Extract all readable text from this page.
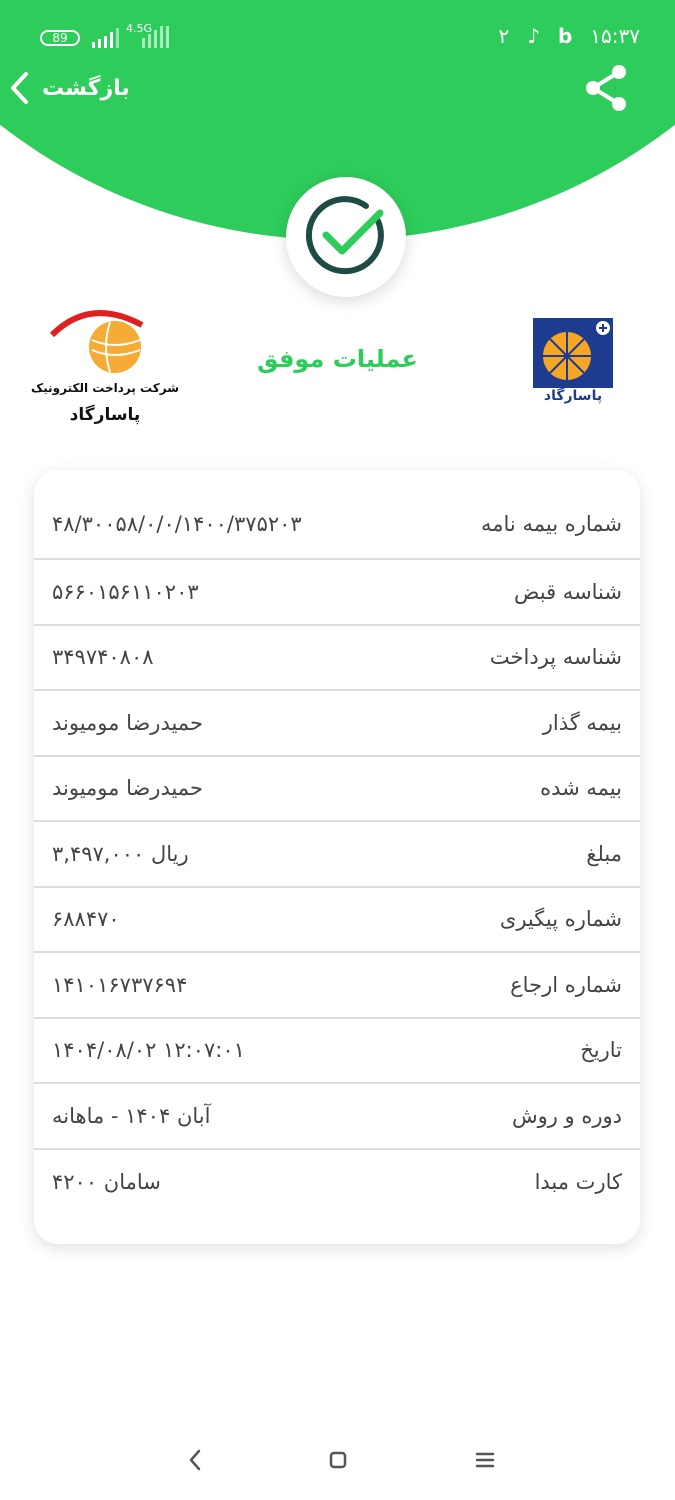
89
4.5G	۲ ♪ b ۱۵:۳۷
بازگشت
شرکت پرداخت الکترونیک
پاسارگاد
عملیات موفق
پاسارگاد
۴۸/۳۰۰۵۸/۰/۰/۱۴۰۰/۳۷۵۲۰۳	شماره بیمه نامه
۵۶۶۰۱۵۶۱۱۰۲۰۳	شناسه قبض
۳۴۹۷۴۰۸۰۸	شناسه پرداخت
حمیدرضا مومیوند	بیمه گذار
حمیدرضا مومیوند	بیمه شده
۳,۴۹۷,۰۰۰ ریال	مبلغ
۶۸۸۴۷۰	شماره پیگیری
۱۴۱۰۱۶۷۳۷۶۹۴	شماره ارجاع
۱۴۰۴/۰۸/۰۲ ۱۲:۰۷:۰۱	تاریخ
آبان ۱۴۰۴ - ماهانه	دوره و روش
سامان ۴۲۰۰	کارت مبدا
